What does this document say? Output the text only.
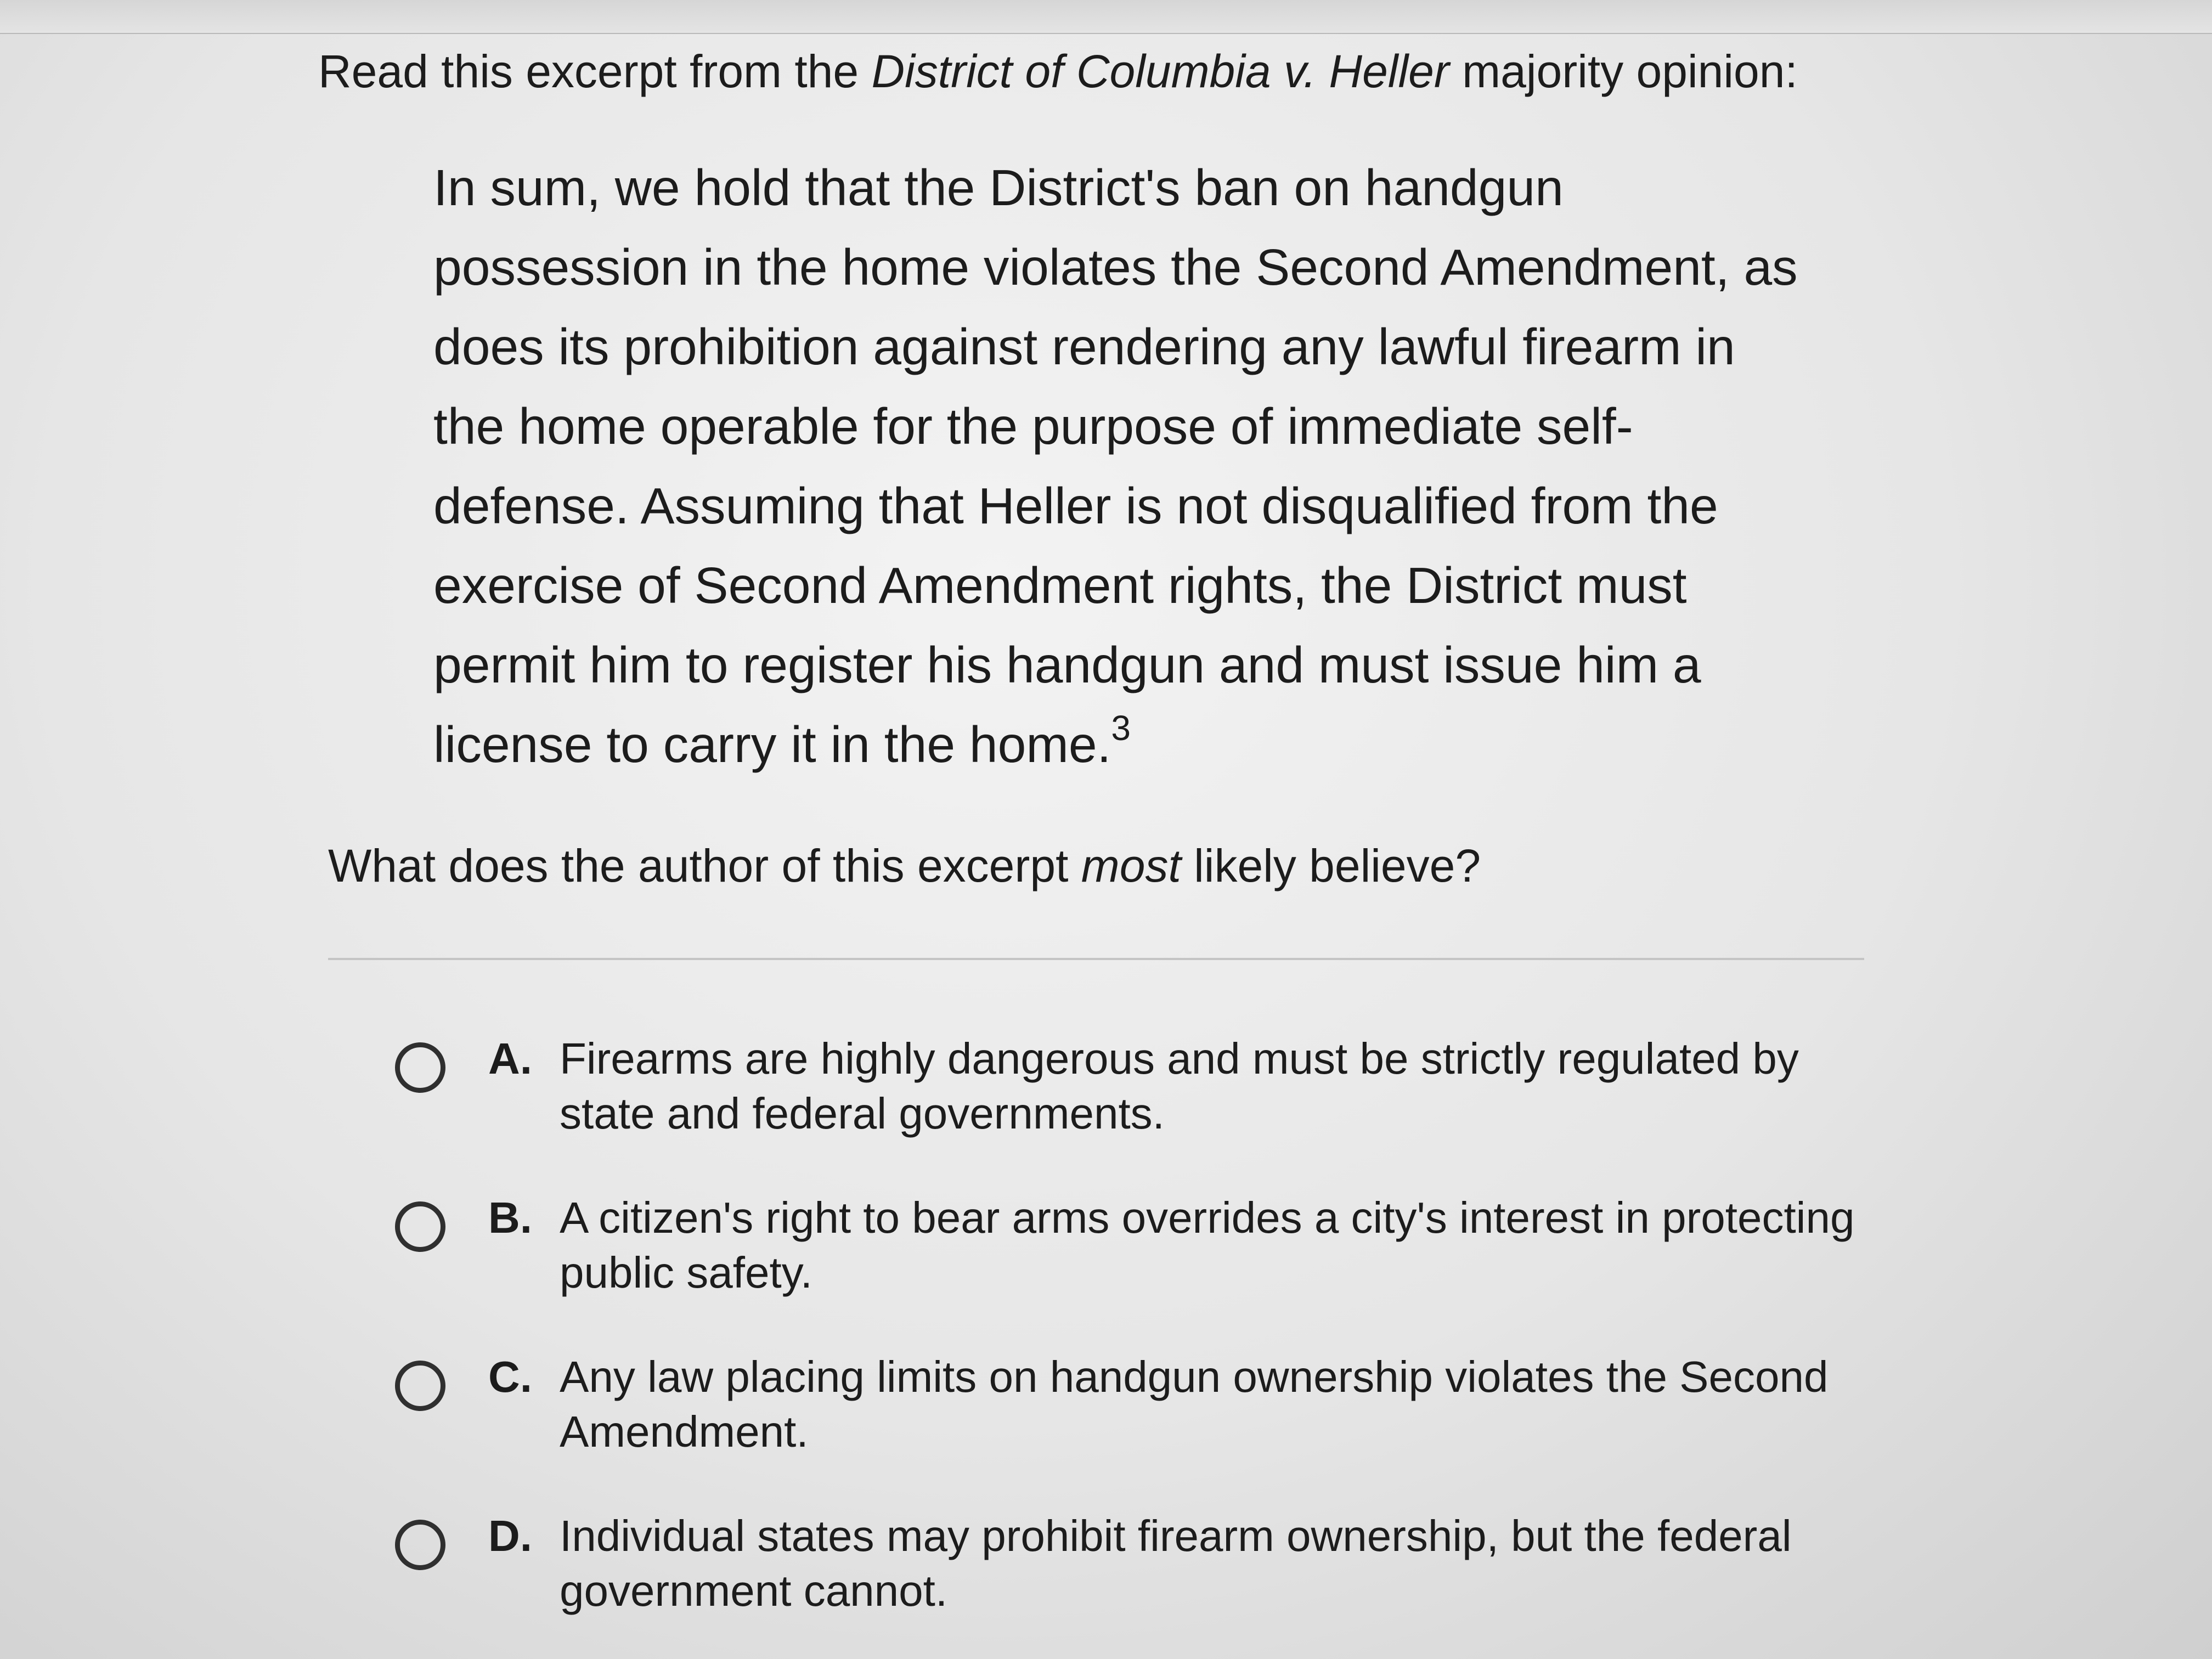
Read this excerpt from the District of Columbia v. Heller majority opinion:
In sum, we hold that the District's ban on handgun possession in the home violates the Second Amendment, as does its prohibition against rendering any lawful firearm in the home operable for the purpose of immediate self-defense. Assuming that Heller is not disqualified from the exercise of Second Amendment rights, the District must permit him to register his handgun and must issue him a license to carry it in the home.$^3$
What does the author of this excerpt most likely believe?
A. Firearms are highly dangerous and must be strictly regulated by state and federal governments.
B. A citizen's right to bear arms overrides a city's interest in protecting public safety.
C. Any law placing limits on handgun ownership violates the Second Amendment.
D. Individual states may prohibit firearm ownership, but the federal government cannot.
